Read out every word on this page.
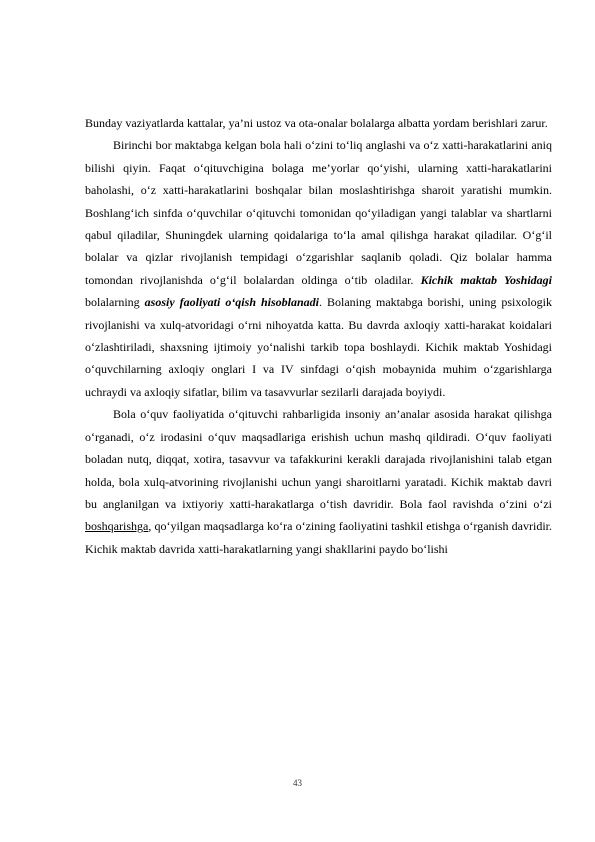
Bunday vaziyatlarda kattalar, ya’ni ustoz va ota-onalar bolalarga albatta yordam berishlari zarur.

Birinchi bor maktabga kelgan bola hali o‘zini to‘liq anglashi va o‘z xatti-harakatlarini aniq bilishi qiyin. Faqat o‘qituvchigina bolaga me’yorlar qo‘yishi, ularning xatti-harakatlarini baholashi, o‘z xatti-harakatlarini boshqalar bilan moslashtirishga sharoit yaratishi mumkin. Boshlang‘ich sinfda o‘quvchilar o‘qituvchi tomonidan qo‘yiladigan yangi talablar va shartlarni qabul qiladilar, Shuningdek ularning qoidalariga to‘la amal qilishga harakat qiladilar. O‘g‘il bolalar va qizlar rivojlanish tempidagi o‘zgarishlar saqlanib qoladi. Qiz bolalar hamma tomondan rivojlanishda o‘g‘il bolalardan oldinga o‘tib oladilar. Kichik maktab Yoshidagi bolalarning asosiy faoliyati o‘qish hisoblanadi. Bolaning maktabga borishi, uning psixologik rivojlanishi va xulq-atvoridagi o‘rni nihoyatda katta. Bu davrda axloqiy xatti-harakat koidalari o‘zlashtiriladi, shaxsning ijtimoiy yo‘nalishi tarkib topa boshlaydi. Kichik maktab Yoshidagi o‘quvchilarning axloqiy onglari I va IV sinfdagi o‘qish mobaynida muhim o‘zgarishlarga uchraydi va axloqiy sifatlar, bilim va tasavvurlar sezilarli darajada boyiydi.

Bola o‘quv faoliyatida o‘qituvchi rahbarligida insoniy an’analar asosida harakat qilishga o‘rganadi, o‘z irodasini o‘quv maqsadlariga erishish uchun mashq qildiradi. O‘quv faoliyati boladan nutq, diqqat, xotira, tasavvur va tafakkurini kerakli darajada rivojlanishini talab etgan holda, bola xulq-atvorining rivojlanishi uchun yangi sharoitlarni yaratadi. Kichik maktab davri bu anglanilgan va ixtiyoriy xatti-harakatlarga o‘tish davridir. Bola faol ravishda o‘zini o‘zi boshqarishga, qo‘yilgan maqsadlarga ko‘ra o‘zining faoliyatini tashkil etishga o‘rganish davridir. Kichik maktab davrida xatti-harakatlarning yangi shakllarini paydo bo‘lishi

43
